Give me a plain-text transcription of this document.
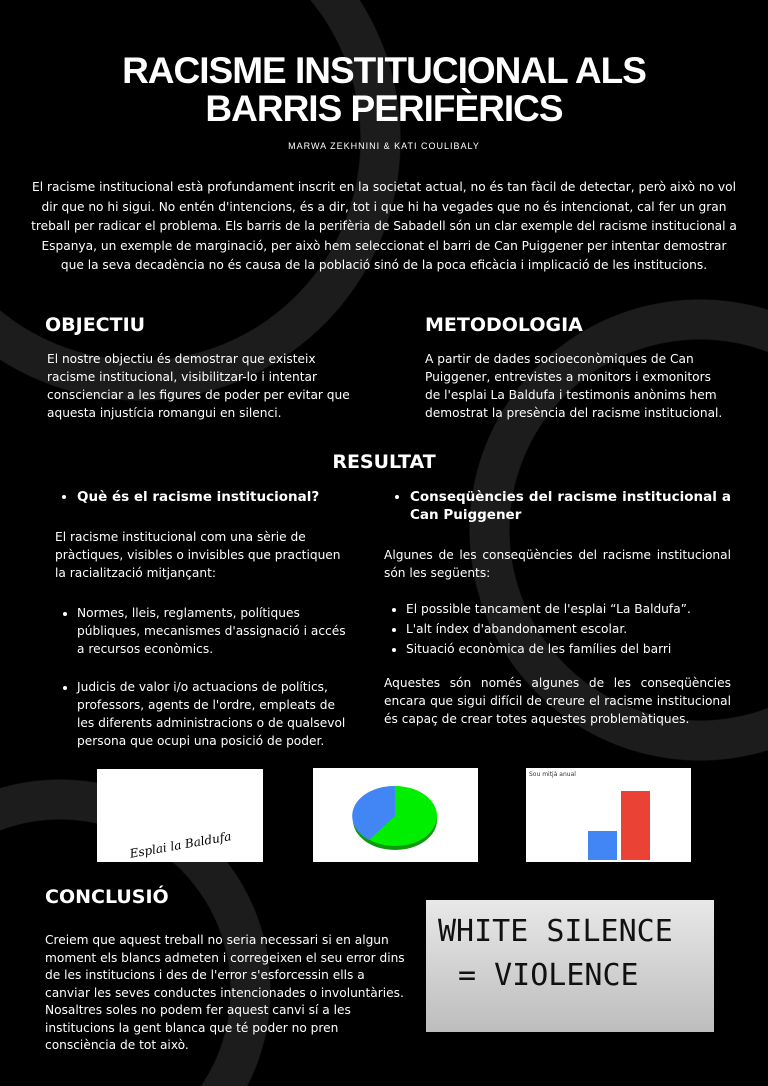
RACISME INSTITUCIONAL ALS BARRIS PERIFÈRICS
MARWA ZEKHNINI & KATI COULIBALY
El racisme institucional està profundament inscrit en la societat actual, no és tan fàcil de detectar, però això no vol dir que no hi sigui. No entén d'intencions, és a dir, tot i que hi ha vegades que no és intencionat, cal fer un gran treball per radicar el problema. Els barris de la perifèria de Sabadell són un clar exemple del racisme institucional a Espanya, un exemple de marginació, per això hem seleccionat el barri de Can Puiggener per intentar demostrar que la seva decadència no és causa de la població sinó de la poca eficàcia i implicació de les institucions.
OBJECTIU
El nostre objectiu és demostrar que existeix racisme institucional, visibilitzar-lo i intentar conscienciar a les figures de poder per evitar que aquesta injustícia romangui en silenci.
METODOLOGIA
A partir de dades socioeconòmiques de Can Puiggener, entrevistes a monitors i exmonitors de l'esplai La Baldufa i testimonis anònims hem demostrat la presència del racisme institucional.
RESULTAT
• Què és el racisme institucional?
El racisme institucional com una sèrie de pràctiques, visibles o invisibles que practiquen la racialització mitjançant:
• Normes, lleis, reglaments, polítiques públiques, mecanismes d'assignació i accés a recursos econòmics.
• Judicis de valor i/o actuacions de polítics, professors, agents de l'ordre, empleats de les diferents administracions o de qualsevol persona que ocupi una posició de poder.
• Conseqüències del racisme institucional a Can Puiggener
Algunes de les conseqüències del racisme institucional són les següents:
• El possible tancament de l'esplai “La Baldufa”.
• L'alt índex d'abandonament escolar.
• Situació econòmica de les famílies del barri
Aquestes són només algunes de les conseqüències encara que sigui difícil de creure el racisme institucional és capaç de crear totes aquestes problemàtiques.
Esplai la Baldufa
Sou mitjà anual
CONCLUSIÓ
Creiem que aquest treball no seria necessari si en algun moment els blancs admeten i corregeixen el seu error dins de les institucions i des de l'error s'esforcessin ells a canviar les seves conductes intencionades o involuntàries. Nosaltres soles no podem fer aquest canvi sí a les institucions la gent blanca que té poder no pren consciència de tot això.
WHITE SILENCE
= VIOLENCE
